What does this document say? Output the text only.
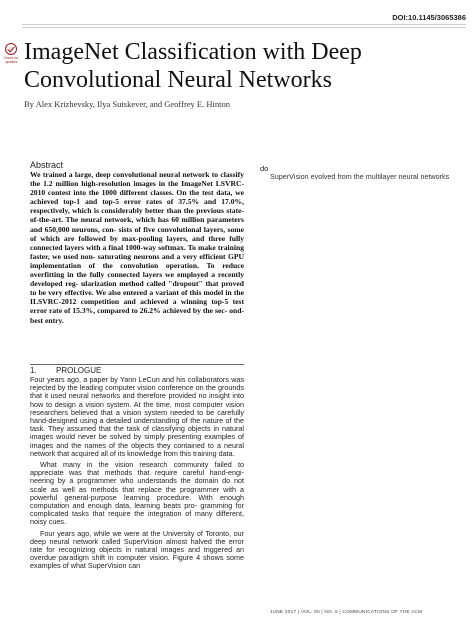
DOI:10.1145/3065386
Check for updates ImageNet Classification with Deep Convolutional Neural Networks

By Alex Krizhevsky, Ilya Sutskever, and Geoffrey E. Hinton

Abstract

We trained a large, deep convolutional neural network to classify the 1.2 million high-resolution images in the ImageNet LSVRC-2010 contest into the 1000 different classes. On the test data, we achieved top-1 and top-5 error rates of 37.5% and 17.0%, respectively, which is considerably better than the previous state-of-the-art. The neural network, which has 60 million parameters and 650,000 neurons, con- sists of five convolutional layers, some of which are followed by max-pooling layers, and three fully connected layers with a final 1000-way softmax. To make training faster, we used non- saturating neurons and a very efficient GPU implementation of the convolution operation. To reduce overfitting in the fully connected layers we employed a recently developed reg- ularization method called "dropout" that proved to be very effective. We also entered a variant of this model in the ILSVRC-2012 competition and achieved a winning top-5 test error rate of 15.3%, compared to 26.2% achieved by the sec- ond-best entry.

1. PROLOGUE

Four years ago, a paper by Yann LeCun and his collaborators was rejected by the leading computer vision conference on the grounds that it used neural networks and therefore provided no insight into how to design a vision system. At the time, most computer vision researchers believed that a vision system needed to be carefully hand-designed using a detailed understanding of the nature of the task. They assumed that the task of classifying objects in natural images would never be solved by simply presenting examples of images and the names of the objects they contained to a neural network that acquired all of its knowledge from this training data.

What many in the vision research community failed to appreciate was that methods that require careful hand-engi- neering by a programmer who understands the domain do not scale as well as methods that replace the programmer with a powerful general-purpose learning procedure. With enough computation and enough data, learning beats pro- gramming for complicated tasks that require the integration of many different, noisy cues.

Four years ago, while we were at the University of Toronto, our deep neural network called SuperVision almost halved the error rate for recognizing objects in natural images and triggered an overdue paradigm shift in computer vision. Figure 4 shows some examples of what SuperVision can

do

SuperVision evolved from the multilayer neural networks

JUNE 2017 | VOL. 60 | NO. 6 | COMMUNICATIONS OF THE ACM
